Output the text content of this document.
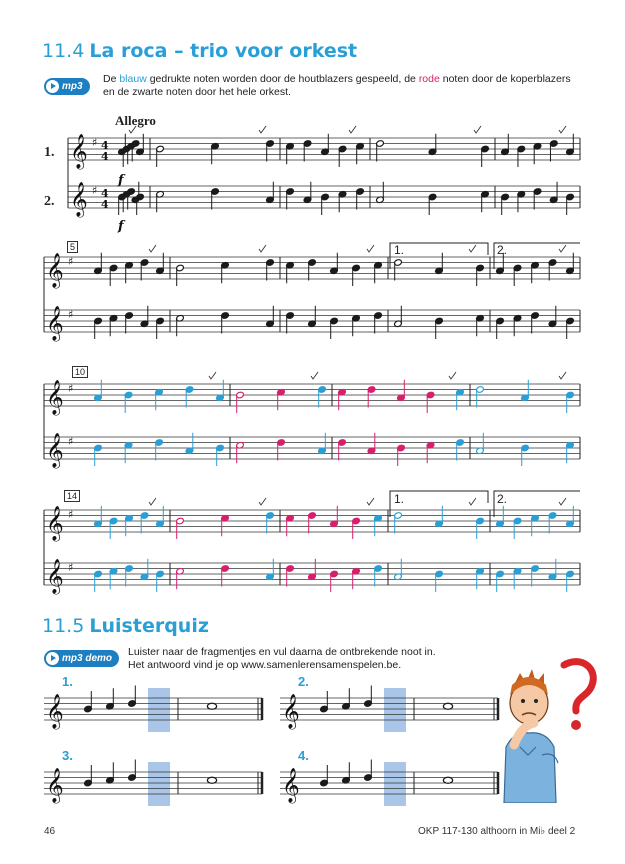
11.4 La roca – trio voor orkest
mp3
De blauw gedrukte noten worden door de houtblazers gespeeld, de rode noten door de koperblazers
en de zwarte noten door het hele orkest.
Allegro
1.
2.
5
10
14
𝄞 ♯ 4
4
𝄞 ♯ 4
4
𝄞 ♯
𝄞 ♯
𝄞 ♯
𝄞 ♯
𝄞 ♯
𝄞 ♯
f
f
𝄞	𝄞
𝄞	𝄞
1.	2.
1.	2.
11.5 Luisterquiz
mp3 demo
Luister naar de fragmentjes en vul daarna de ontbrekende noot in.
Het antwoord vind je op www.samenlerensamenspelen.be.
1.	2.
3.	4.
46	OKP 117-130 althoorn in Mi♭ deel 2
